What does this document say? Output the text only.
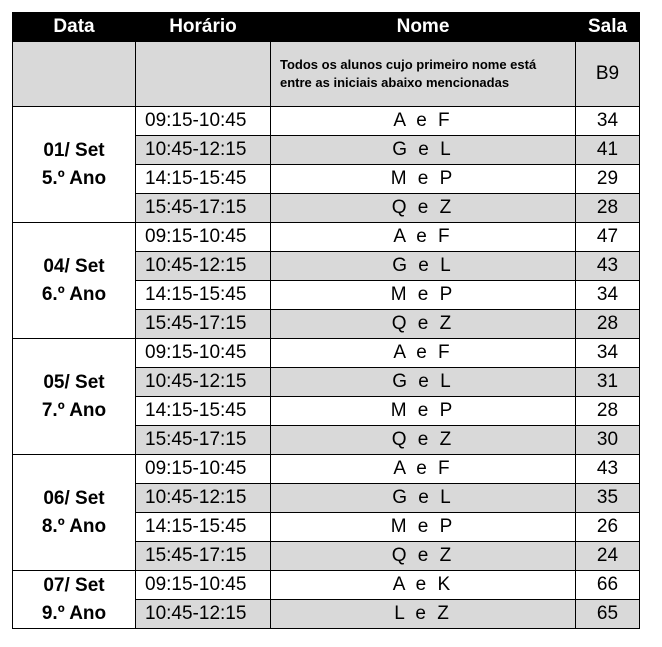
Data	Horário	Nome	Sala
		Todos os alunos cujo primeiro nome está entre as iniciais abaixo mencionadas	B9

01/ Set
5.º Ano	09:15-10:45	A e F	34
	10:45-12:15	G e L	41
	14:15-15:45	M e P	29
	15:45-17:15	Q e Z	28

04/ Set
6.º Ano	09:15-10:45	A e F	47
	10:45-12:15	G e L	43
	14:15-15:45	M e P	34
	15:45-17:15	Q e Z	28

05/ Set
7.º Ano	09:15-10:45	A e F	34
	10:45-12:15	G e L	31
	14:15-15:45	M e P	28
	15:45-17:15	Q e Z	30

06/ Set
8.º Ano	09:15-10:45	A e F	43
	10:45-12:15	G e L	35
	14:15-15:45	M e P	26
	15:45-17:15	Q e Z	24

07/ Set
9.º Ano	09:15-10:45	A e K	66
	10:45-12:15	L e Z	65
